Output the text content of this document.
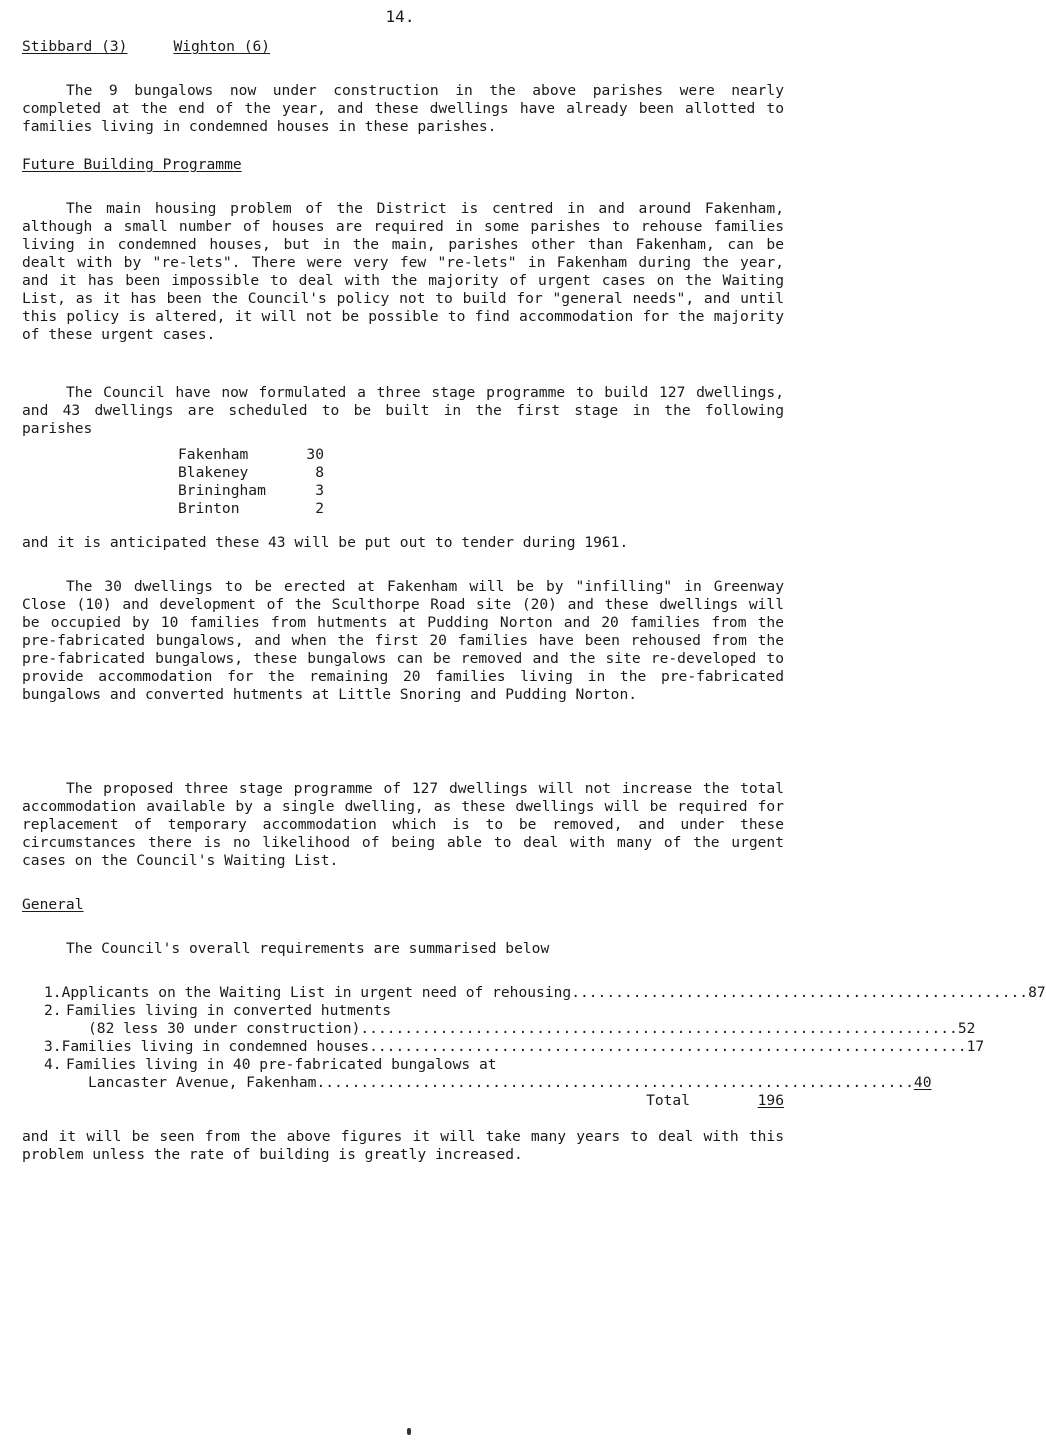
14.
Stibbard (3)	Wighton (6)

The 9 bungalows now under construction in the above parishes were nearly completed at the end of the year, and these dwellings have already been allotted to families living in condemned houses in these parishes.

Future Building Programme

The main housing problem of the District is centred in and around Fakenham, although a small number of houses are required in some parishes to rehouse families living in condemned houses, but in the main, parishes other than Fakenham, can be dealt with by "re-lets". There were very few "re-lets" in Fakenham during the year, and it has been impossible to deal with the majority of urgent cases on the Waiting List, as it has been the Council's policy not to build for "general needs", and until this policy is altered, it will not be possible to find accommodation for the majority of these urgent cases.

The Council have now formulated a three stage programme to build 127 dwellings, and 43 dwellings are scheduled to be built in the first stage in the following parishes

Fakenham	30
Blakeney	8
Briningham	3
Brinton	2

and it is anticipated these 43 will be put out to tender during 1961.

The 30 dwellings to be erected at Fakenham will be by "infilling" in Greenway Close (10) and development of the Sculthorpe Road site (20) and these dwellings will be occupied by 10 families from hutments at Pudding Norton and 20 families from the pre-fabricated bungalows, and when the first 20 families have been rehoused from the pre-fabricated bungalows, these bungalows can be removed and the site re-developed to provide accommodation for the remaining 20 families living in the pre-fabricated bungalows and converted hutments at Little Snoring and Pudding Norton.

The proposed three stage programme of 127 dwellings will not increase the total accommodation available by a single dwelling, as these dwellings will be required for replacement of temporary accommodation which is to be removed, and under these circumstances there is no likelihood of being able to deal with many of the urgent cases on the Council's Waiting List.

General

The Council's overall requirements are summarised below

1. Applicants on the Waiting List in urgent need of rehousing .................................................... 87
2. Families living in converted hutments
(82 less 30 under construction) .................................................................... 52
3. Families living in condemned houses .................................................................... 17
4. Families living in 40 pre-fabricated bungalows at
Lancaster Avenue, Fakenham .................................................................... 40
Total	196

and it will be seen from the above figures it will take many years to deal with this problem unless the rate of building is greatly increased.
